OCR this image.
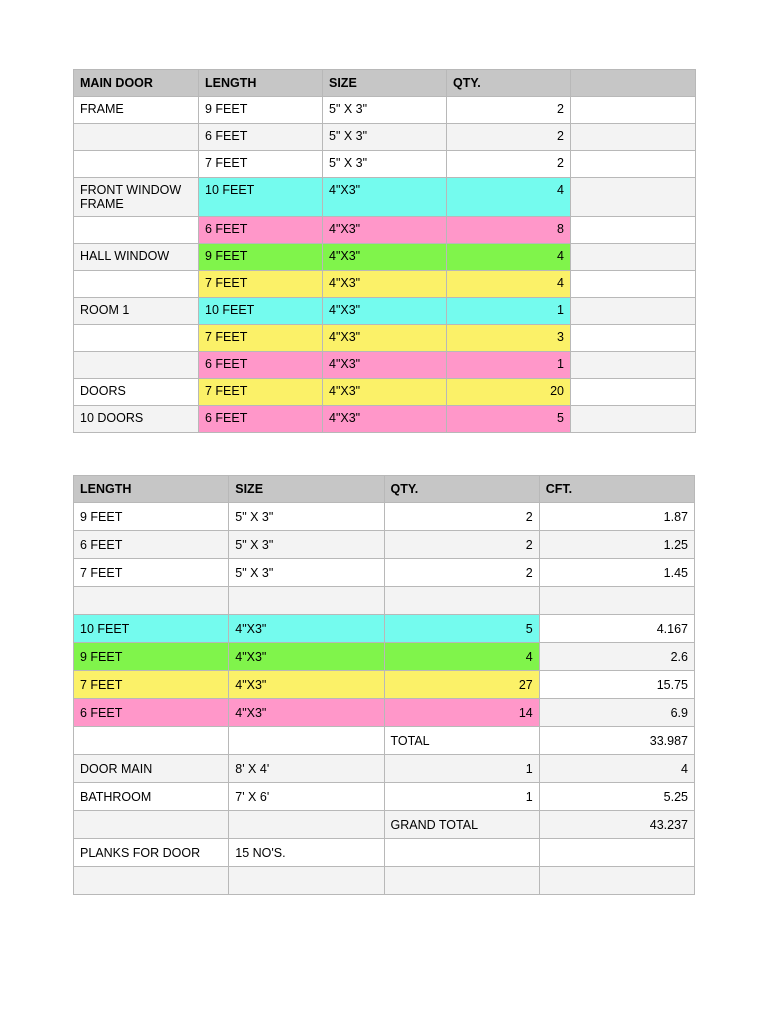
MAIN DOOR	LENGTH	SIZE	QTY.	
FRAME	9 FEET	5" X 3"	2	
	6 FEET	5" X 3"	2	
	7 FEET	5" X 3"	2	
FRONT WINDOW FRAME	10 FEET	4"X3"	4	
	6 FEET	4"X3"	8	
HALL WINDOW	9 FEET	4"X3"	4	
	7 FEET	4"X3"	4	
ROOM 1	10 FEET	4"X3"	1	
	7 FEET	4"X3"	3	
	6 FEET	4"X3"	1	
DOORS	7 FEET	4"X3"	20	
10 DOORS	6 FEET	4"X3"	5	
LENGTH	SIZE	QTY.	CFT.
9 FEET	5" X 3"	2	1.87
6 FEET	5" X 3"	2	1.25
7 FEET	5" X 3"	2	1.45

10 FEET	4"X3"	5	4.167
9 FEET	4"X3"	4	2.6
7 FEET	4"X3"	27	15.75
6 FEET	4"X3"	14	6.9
		TOTAL	33.987
DOOR MAIN	8' X 4'	1	4
BATHROOM	7' X 6'	1	5.25
		GRAND TOTAL	43.237
PLANKS FOR DOOR	15 NO'S.		
